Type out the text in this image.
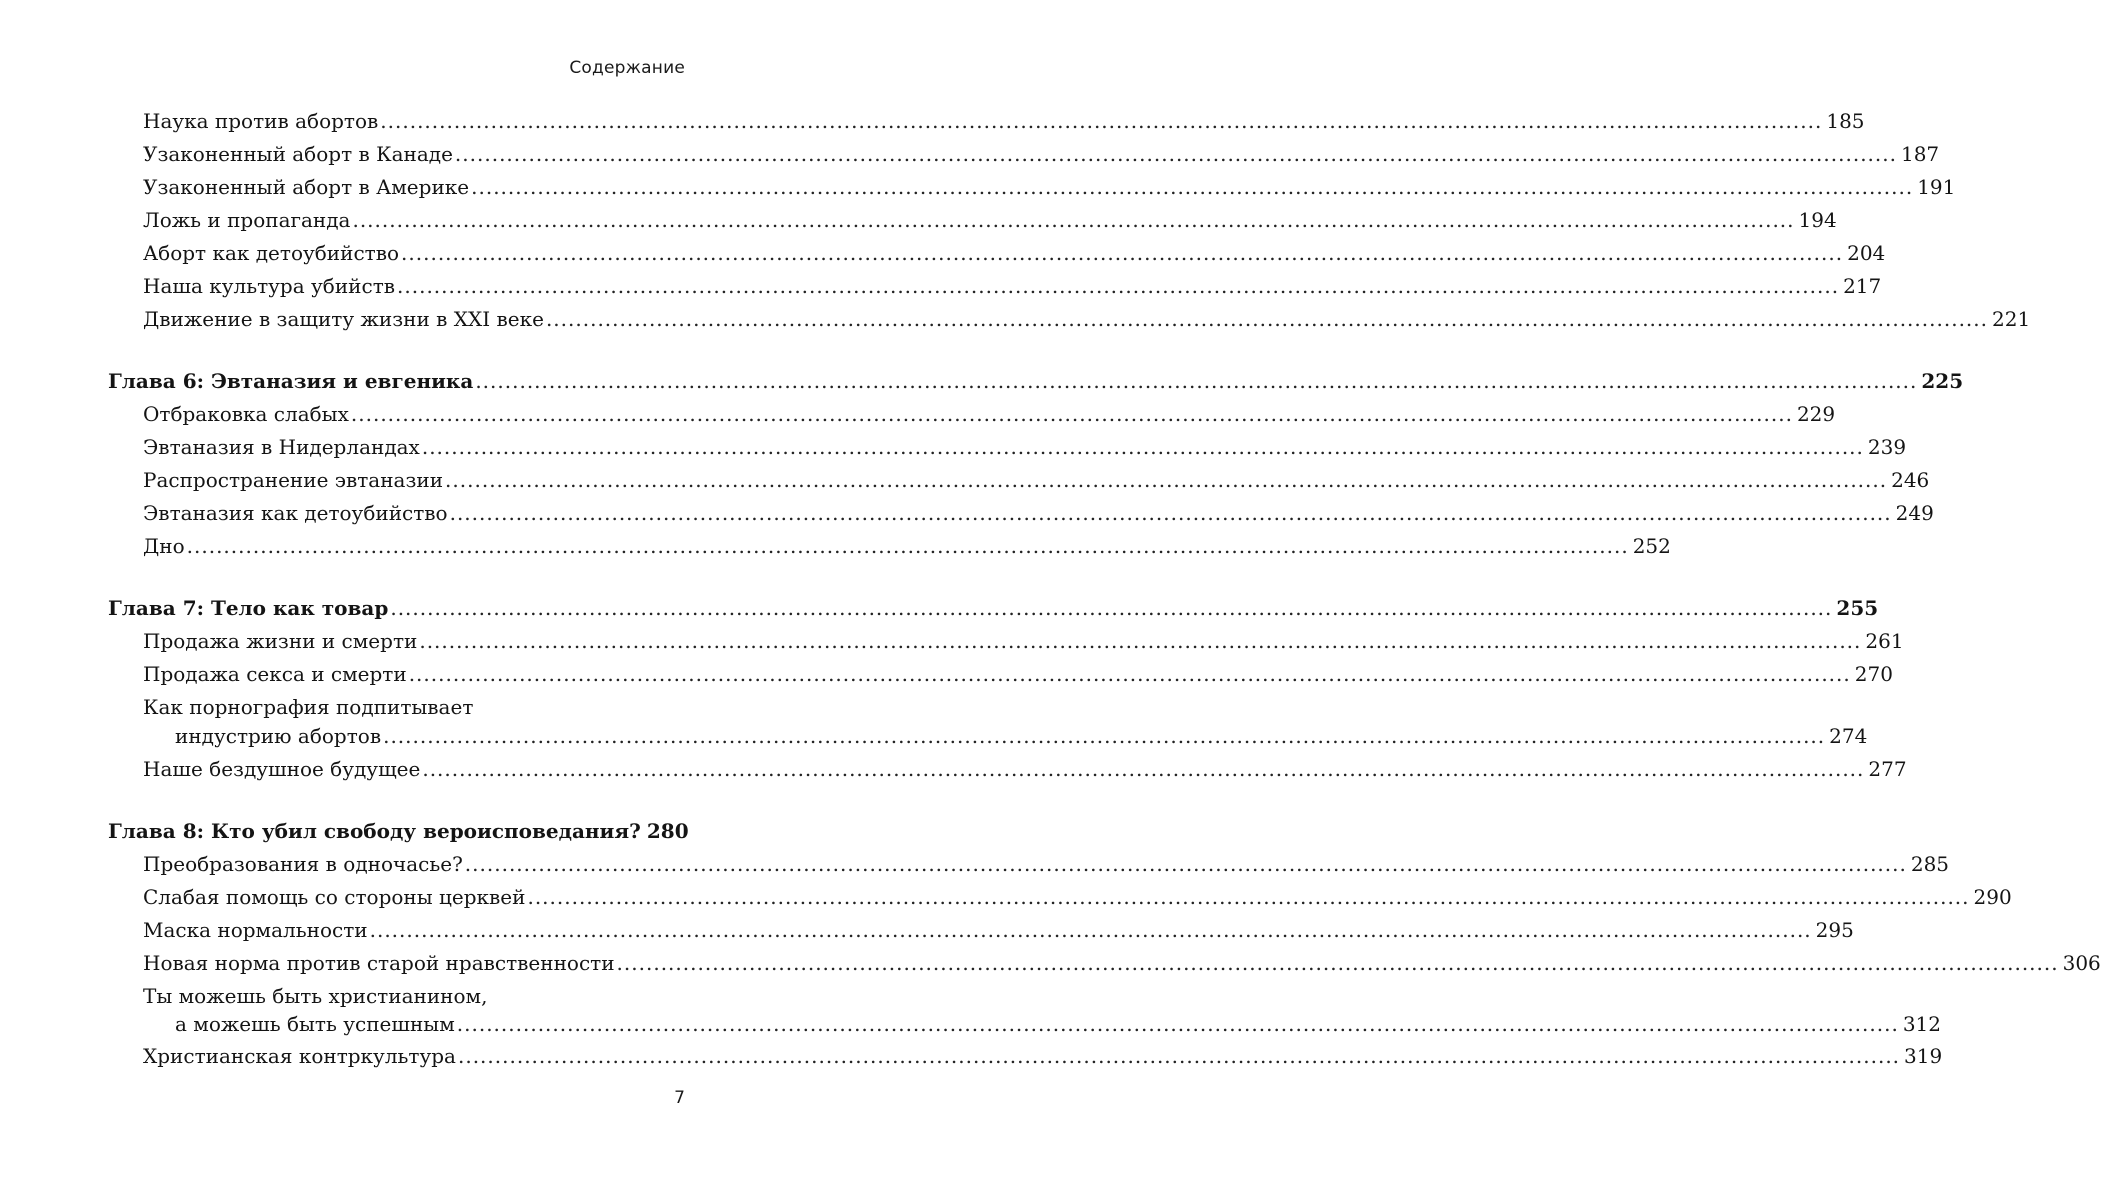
Содержание
Наука против абортов .....	185
Узаконенный аборт в Канаде .....	187
Узаконенный аборт в Америке .....	191
Ложь и пропаганда .....	194
Аборт как детоубийство .....	204
Наша культура убийств .....	217
Движение в защиту жизни в XXI веке .....	221
Глава 6: Эвтаназия и евгеника .....	225
Отбраковка слабых .....	229
Эвтаназия в Нидерландах .....	239
Распространение эвтаназии .....	246
Эвтаназия как детоубийство .....	249
Дно .....	252
Глава 7: Тело как товар .....	255
Продажа жизни и смерти .....	261
Продажа секса и смерти .....	270
Как порнография подпитывает
индустрию абортов .....	274
Наше бездушное будущее .....	277
Глава 8: Кто убил свободу вероисповедания? 280
Преобразования в одночасье? .....	285
Слабая помощь со стороны церквей .....	290
Маска нормальности .....	295
Новая норма против старой нравственности .....	306
Ты можешь быть христианином,
а можешь быть успешным .....	312
Христианская контркультура .....	319
7
